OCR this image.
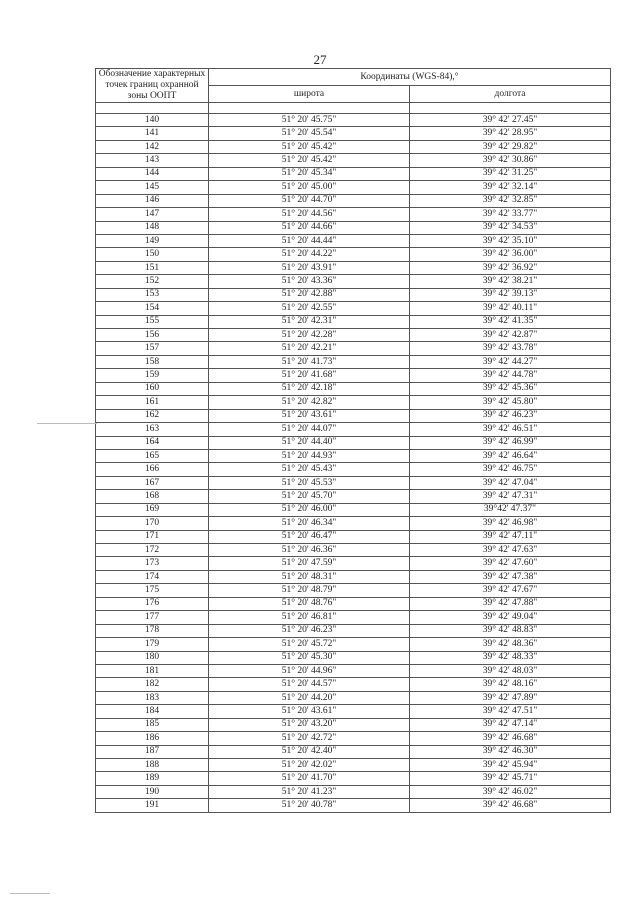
27
Обозначение характерных точек границ охранной зоны ООПТ	Координаты (WGS-84),°	
	широта	долгота

140	51° 20' 45.75"	39° 42' 27.45"
141	51° 20' 45.54"	39° 42' 28.95"
142	51° 20' 45.42"	39° 42' 29.82"
143	51° 20' 45.42"	39° 42' 30.86"
144	51° 20' 45.34"	39° 42' 31.25"
145	51° 20' 45.00"	39° 42' 32.14"
146	51° 20' 44.70"	39° 42' 32.85"
147	51° 20' 44.56"	39° 42' 33.77"
148	51° 20' 44.66"	39° 42' 34.53"
149	51° 20' 44.44"	39° 42' 35.10"
150	51° 20' 44.22"	39° 42' 36.00"
151	51° 20' 43.91"	39° 42' 36.92"
152	51° 20' 43.36"	39° 42' 38.21"
153	51° 20' 42.88"	39° 42' 39.13"
154	51° 20' 42.55"	39° 42' 40.11"
155	51° 20' 42.31"	39° 42' 41.35"
156	51° 20' 42.28"	39° 42' 42.87"
157	51° 20' 42.21"	39° 42' 43.78"
158	51° 20' 41.73"	39° 42' 44.27"
159	51° 20' 41.68"	39° 42' 44.78"
160	51° 20' 42.18"	39° 42' 45.36"
161	51° 20' 42.82"	39° 42' 45.80"
162	51° 20' 43.61"	39° 42' 46.23"
163	51° 20' 44.07"	39° 42' 46.51"
164	51° 20' 44.40"	39° 42' 46.99"
165	51° 20' 44.93"	39° 42' 46.64"
166	51° 20' 45.43"	39° 42' 46.75"
167	51° 20' 45.53"	39° 42' 47.04"
168	51° 20' 45.70"	39° 42' 47.31"
169	51° 20' 46.00"	39°42' 47.37"
170	51° 20' 46.34"	39° 42' 46.98"
171	51° 20' 46.47"	39° 42' 47.11"
172	51° 20' 46.36"	39° 42' 47.63"
173	51° 20' 47.59"	39° 42' 47.60"
174	51° 20' 48.31"	39° 42' 47.38"
175	51° 20' 48.79"	39° 42' 47.67"
176	51° 20' 48.76"	39° 42' 47.88"
177	51° 20' 46.81"	39° 42' 49.04"
178	51° 20' 46.23"	39° 42' 48.83"
179	51° 20' 45.72"	39° 42' 48.36"
180	51° 20' 45.30"	39° 42' 48.33"
181	51° 20' 44.96"	39° 42' 48.03"
182	51° 20' 44.57"	39° 42' 48.16"
183	51° 20' 44.20"	39° 42' 47.89"
184	51° 20' 43.61"	39° 42' 47.51"
185	51° 20' 43.20"	39° 42' 47.14"
186	51° 20' 42.72"	39° 42' 46.68"
187	51° 20' 42.40"	39° 42' 46.30"
188	51° 20' 42.02"	39° 42' 45.94"
189	51° 20' 41.70"	39° 42' 45.71"
190	51° 20' 41.23"	39° 42' 46.02"
191	51° 20' 40.78"	39° 42' 46.68"
